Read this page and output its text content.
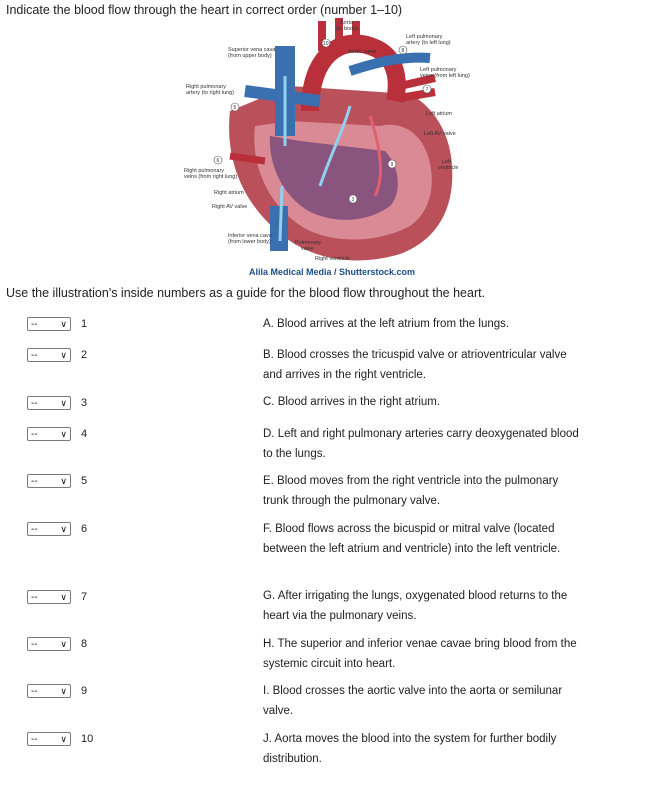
Indicate the blood flow through the heart in correct order (number 1–10)
Aorta
(to body)
Superior vena cava
(from upper body)
Left pulmonary
artery (to left lung)
Aortic valve
Left pulmonary
veins (from left lung)
Right pulmonary
artery (to right lung)
Left atrium
Left AV valve
Right pulmonary
veins (from right lung)
Right atrium
Right AV valve
Left
ventricle
Inferior vena cava
(from lower body)	Pulmonary
valve
Right ventricle
10
8
5
6
9
3
7
Alila Medical Media / Shutterstock.com
Use the illustration's inside numbers as a guide for the blood flow throughout the heart.
--	∨ 1
--	∨ 2
--	∨ 3
--	∨ 4
--	∨ 5
--	∨ 6
--	∨ 7
--	∨ 8
--	∨ 9
--	∨ 10
A. Blood arrives at the left atrium from the lungs.
B. Blood crosses the tricuspid valve or atrioventricular valve and arrives in the right ventricle.
C. Blood arrives in the right atrium.
D. Left and right pulmonary arteries carry deoxygenated blood to the lungs.
E. Blood moves from the right ventricle into the pulmonary trunk through the pulmonary valve.
F. Blood flows across the bicuspid or mitral valve (located between the left atrium and ventricle) into the left ventricle.
G. After irrigating the lungs, oxygenated blood returns to the heart via the pulmonary veins.
H. The superior and inferior venae cavae bring blood from the systemic circuit into heart.
I. Blood crosses the aortic valve into the aorta or semilunar valve.
J. Aorta moves the blood into the system for further bodily distribution.
